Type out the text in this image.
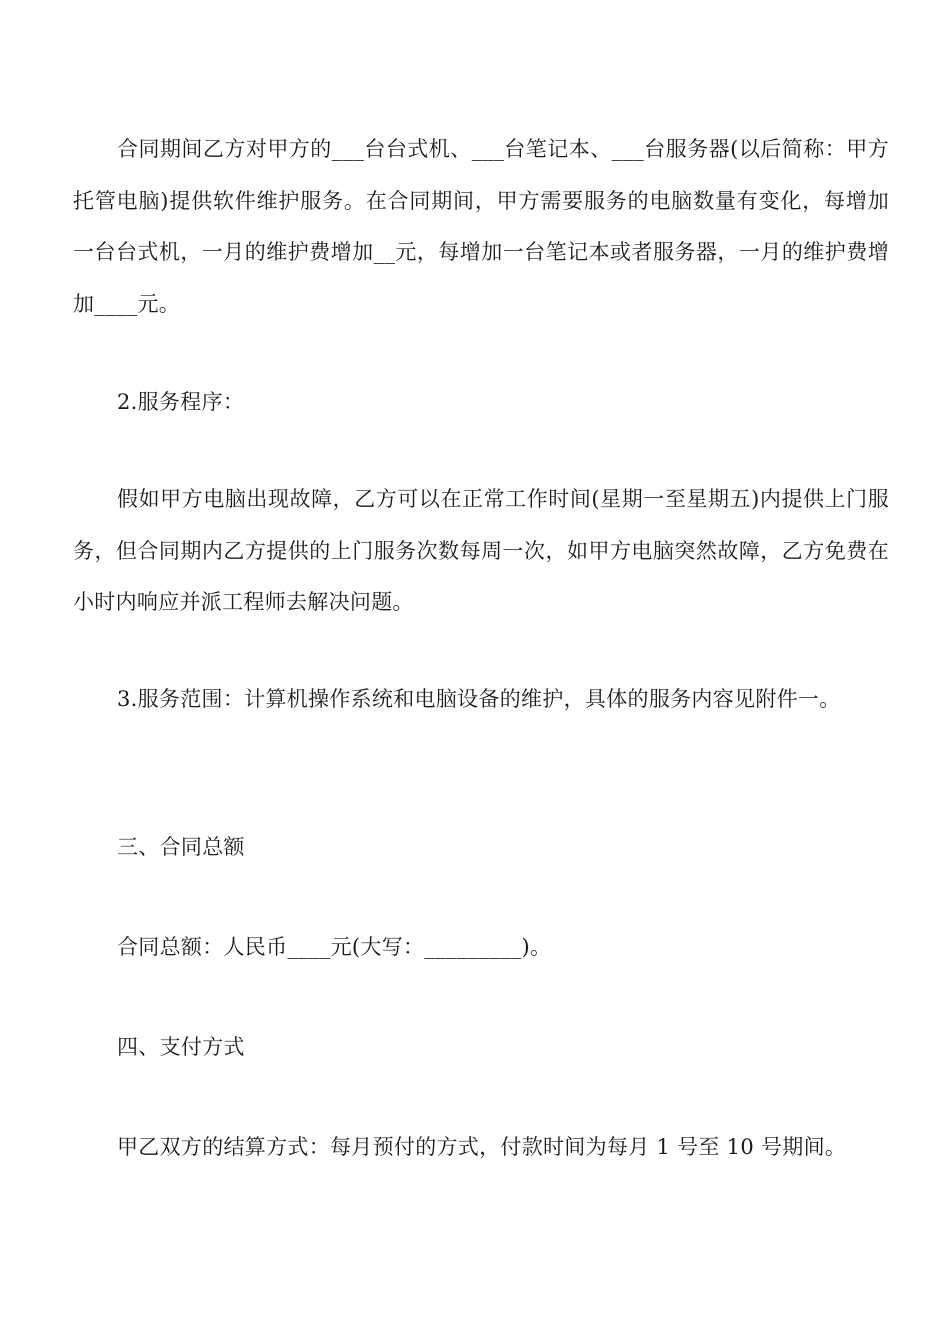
合同期间乙方对甲方的___台台式机、___台笔记本、___台服务器(以后简称：甲方托管电脑)提供软件维护服务。在合同期间，甲方需要服务的电脑数量有变化，每增加一台台式机，一月的维护费增加__元，每增加一台笔记本或者服务器，一月的维护费增加____元。

2.服务程序：

假如甲方电脑出现故障，乙方可以在正常工作时间(星期一至星期五)内提供上门服务，但合同期内乙方提供的上门服务次数每周一次，如甲方电脑突然故障，乙方免费在小时内响应并派工程师去解决问题。

3.服务范围：计算机操作系统和电脑设备的维护，具体的服务内容见附件一。

三、合同总额

合同总额：人民币____元(大写：_________)。

四、支付方式

甲乙双方的结算方式：每月预付的方式，付款时间为每月 1 号至 10 号期间。
